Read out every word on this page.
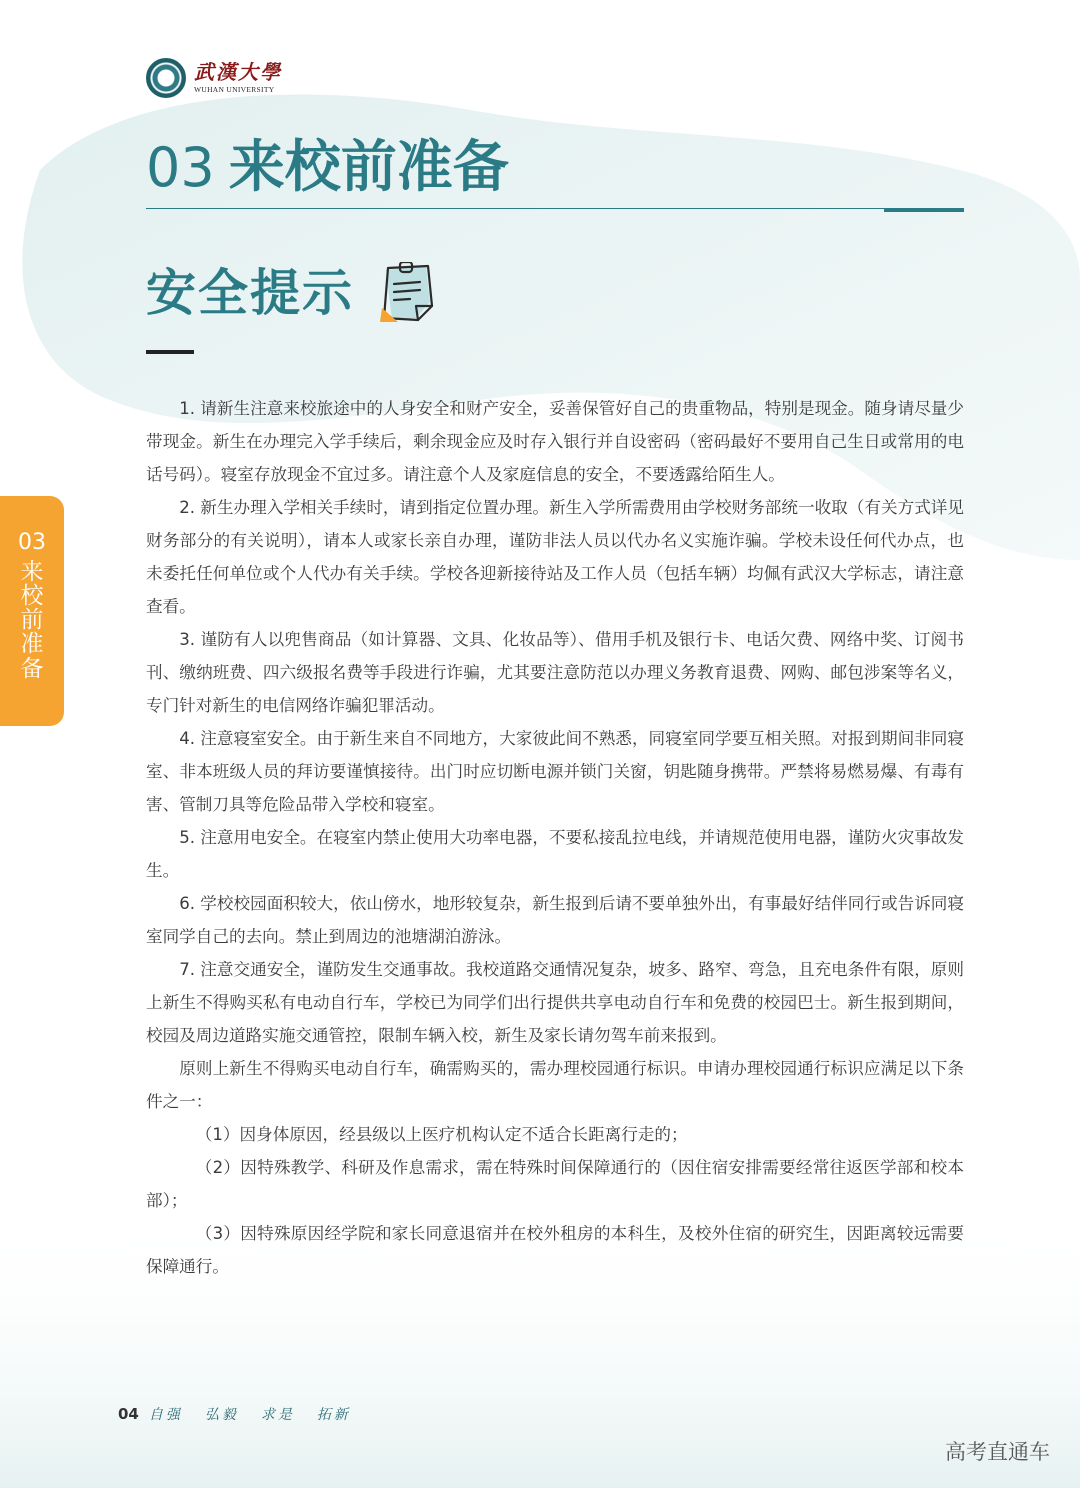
武漢大學
WUHAN UNIVERSITY
03 来校前准备
安全提示

1. 请新生注意来校旅途中的人身安全和财产安全，妥善保管好自己的贵重物品，特别是现金。随身请尽量少带现金。新生在办理完入学手续后，剩余现金应及时存入银行并自设密码（密码最好不要用自己生日或常用的电话号码）。寝室存放现金不宜过多。请注意个人及家庭信息的安全，不要透露给陌生人。

2. 新生办理入学相关手续时，请到指定位置办理。新生入学所需费用由学校财务部统一收取（有关方式详见财务部分的有关说明），请本人或家长亲自办理，谨防非法人员以代办名义实施诈骗。学校未设任何代办点，也未委托任何单位或个人代办有关手续。学校各迎新接待站及工作人员（包括车辆）均佩有武汉大学标志，请注意查看。

3. 谨防有人以兜售商品（如计算器、文具、化妆品等）、借用手机及银行卡、电话欠费、网络中奖、订阅书刊、缴纳班费、四六级报名费等手段进行诈骗，尤其要注意防范以办理义务教育退费、网购、邮包涉案等名义，专门针对新生的电信网络诈骗犯罪活动。

4. 注意寝室安全。由于新生来自不同地方，大家彼此间不熟悉，同寝室同学要互相关照。对报到期间非同寝室、非本班级人员的拜访要谨慎接待。出门时应切断电源并锁门关窗，钥匙随身携带。严禁将易燃易爆、有毒有害、管制刀具等危险品带入学校和寝室。

5. 注意用电安全。在寝室内禁止使用大功率电器，不要私接乱拉电线，并请规范使用电器，谨防火灾事故发生。

6. 学校校园面积较大，依山傍水，地形较复杂，新生报到后请不要单独外出，有事最好结伴同行或告诉同寝室同学自己的去向。禁止到周边的池塘湖泊游泳。

7. 注意交通安全，谨防发生交通事故。我校道路交通情况复杂，坡多、路窄、弯急，且充电条件有限，原则上新生不得购买私有电动自行车，学校已为同学们出行提供共享电动自行车和免费的校园巴士。新生报到期间，校园及周边道路实施交通管控，限制车辆入校，新生及家长请勿驾车前来报到。

原则上新生不得购买电动自行车，确需购买的，需办理校园通行标识。申请办理校园通行标识应满足以下条件之一：

（1）因身体原因，经县级以上医疗机构认定不适合长距离行走的；

（2）因特殊教学、科研及作息需求，需在特殊时间保障通行的（因住宿安排需要经常往返医学部和校本部）；

（3）因特殊原因经学院和家长同意退宿并在校外租房的本科生，及校外住宿的研究生，因距离较远需要保障通行。

03
来校前准备
04 自强 弘毅 求是 拓新
高考直通车
